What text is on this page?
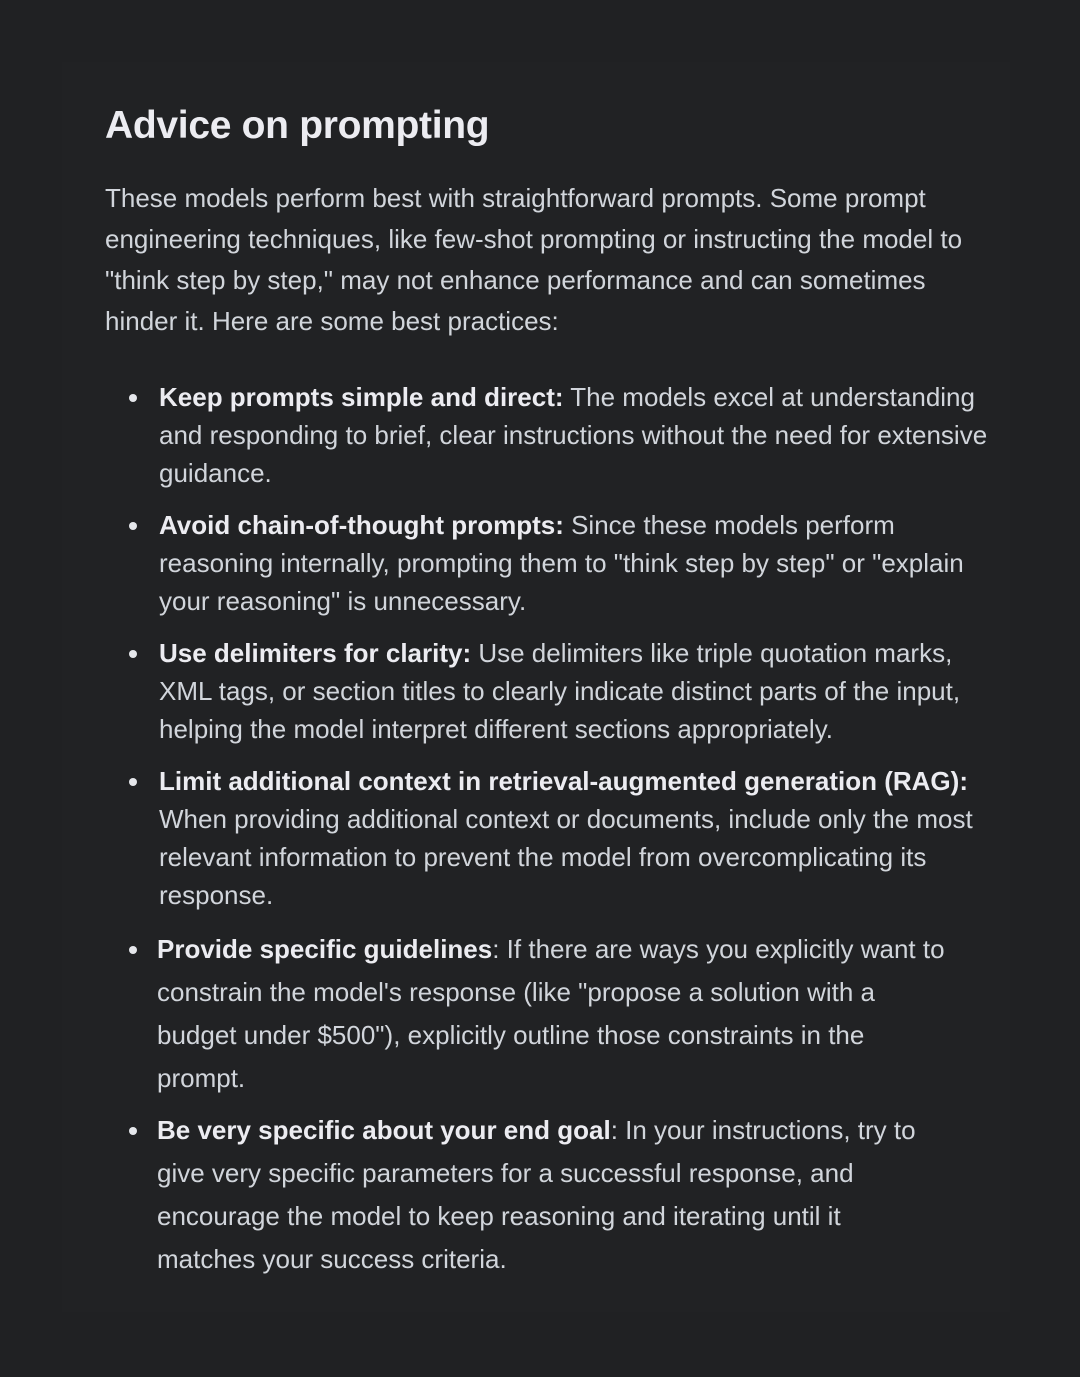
Advice on prompting

These models perform best with straightforward prompts. Some prompt engineering techniques, like few-shot prompting or instructing the model to "think step by step," may not enhance performance and can sometimes hinder it. Here are some best practices:

Keep prompts simple and direct: The models excel at understanding and responding to brief, clear instructions without the need for extensive guidance.
Avoid chain-of-thought prompts: Since these models perform reasoning internally, prompting them to "think step by step" or "explain your reasoning" is unnecessary.
Use delimiters for clarity: Use delimiters like triple quotation marks, XML tags, or section titles to clearly indicate distinct parts of the input, helping the model interpret different sections appropriately.
Limit additional context in retrieval-augmented generation (RAG): When providing additional context or documents, include only the most relevant information to prevent the model from overcomplicating its response.
Provide specific guidelines: If there are ways you explicitly want to constrain the model's response (like "propose a solution with a budget under $500"), explicitly outline those constraints in the prompt.
Be very specific about your end goal: In your instructions, try to give very specific parameters for a successful response, and encourage the model to keep reasoning and iterating until it matches your success criteria.
